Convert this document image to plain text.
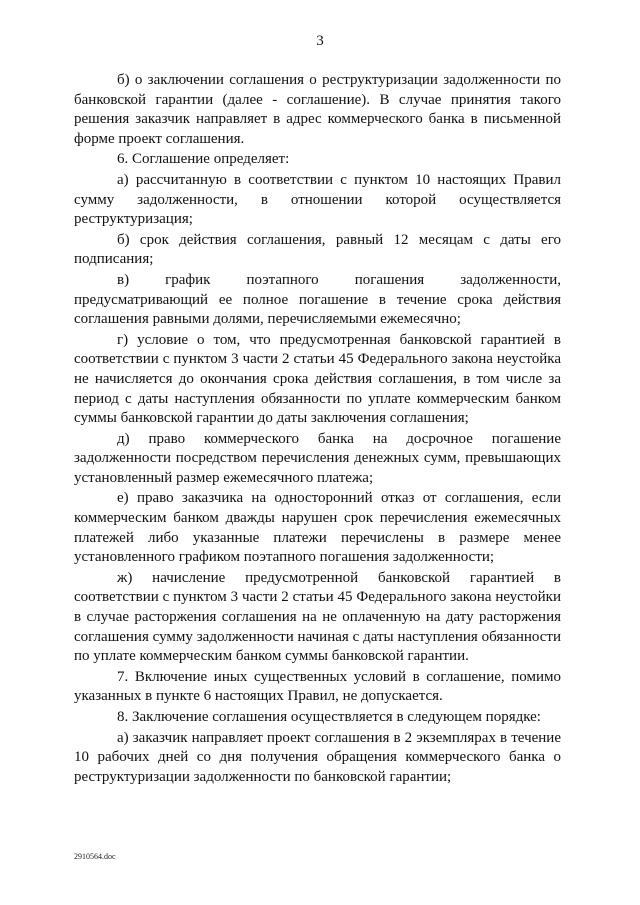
3

б) о заключении соглашения о реструктуризации задолженности по банковской гарантии (далее - соглашение). В случае принятия такого решения заказчик направляет в адрес коммерческого банка в письменной форме проект соглашения.

6. Соглашение определяет:

а) рассчитанную в соответствии с пунктом 10 настоящих Правил сумму задолженности, в отношении которой осуществляется реструктуризация;

б) срок действия соглашения, равный 12 месяцам с даты его подписания;

в) график поэтапного погашения задолженности, предусматривающий ее полное погашение в течение срока действия соглашения равными долями, перечисляемыми ежемесячно;

г) условие о том, что предусмотренная банковской гарантией в соответствии с пунктом 3 части 2 статьи 45 Федерального закона неустойка не начисляется до окончания срока действия соглашения, в том числе за период с даты наступления обязанности по уплате коммерческим банком суммы банковской гарантии до даты заключения соглашения;

д) право коммерческого банка на досрочное погашение задолженности посредством перечисления денежных сумм, превышающих установленный размер ежемесячного платежа;

е) право заказчика на односторонний отказ от соглашения, если коммерческим банком дважды нарушен срок перечисления ежемесячных платежей либо указанные платежи перечислены в размере менее установленного графиком поэтапного погашения задолженности;

ж) начисление предусмотренной банковской гарантией в соответствии с пунктом 3 части 2 статьи 45 Федерального закона неустойки в случае расторжения соглашения на не оплаченную на дату расторжения соглашения сумму задолженности начиная с даты наступления обязанности по уплате коммерческим банком суммы банковской гарантии.

7. Включение иных существенных условий в соглашение, помимо указанных в пункте 6 настоящих Правил, не допускается.

8. Заключение соглашения осуществляется в следующем порядке:

а) заказчик направляет проект соглашения в 2 экземплярах в течение 10 рабочих дней со дня получения обращения коммерческого банка о реструктуризации задолженности по банковской гарантии;

2910564.doc
